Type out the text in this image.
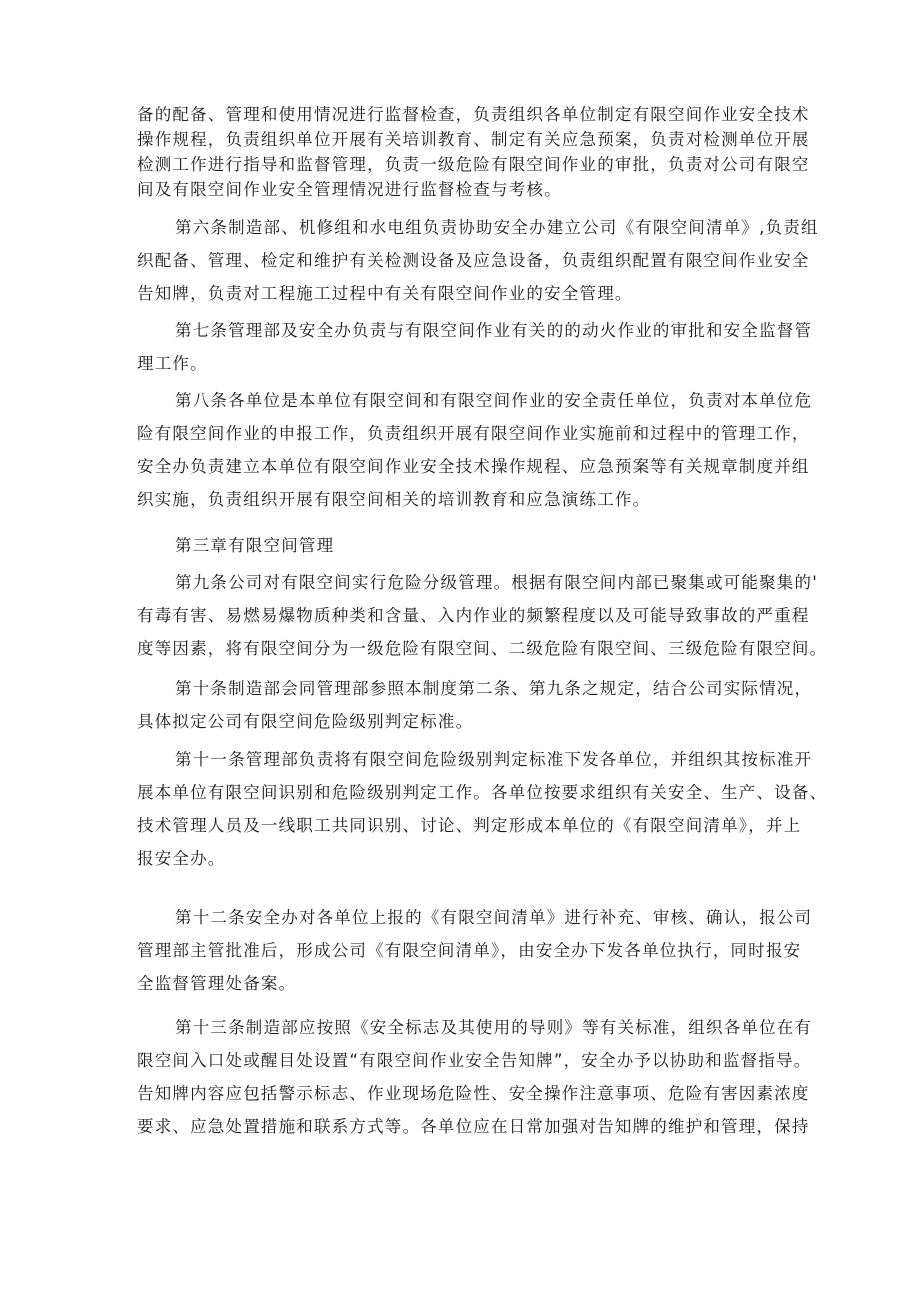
备的配备、管理和使用情况进行监督检查，负责组织各单位制定有限空间作业安全技术
操作规程，负责组织单位开展有关培训教育、制定有关应急预案，负责对检测单位开展
检测工作进行指导和监督管理，负责一级危险有限空间作业的审批，负责对公司有限空
间及有限空间作业安全管理情况进行监督检查与考核。
第六条制造部、机修组和水电组负责协助安全办建立公司《有限空间清单》,负责组
织配备、管理、检定和维护有关检测设备及应急设备，负责组织配置有限空间作业安全
告知牌，负责对工程施工过程中有关有限空间作业的安全管理。
第七条管理部及安全办负责与有限空间作业有关的的动火作业的审批和安全监督管
理工作。
第八条各单位是本单位有限空间和有限空间作业的安全责任单位，负责对本单位危
险有限空间作业的申报工作，负责组织开展有限空间作业实施前和过程中的管理工作，
安全办负责建立本单位有限空间作业安全技术操作规程、应急预案等有关规章制度并组
织实施，负责组织开展有限空间相关的培训教育和应急演练工作。
第三章有限空间管理
第九条公司对有限空间实行危险分级管理。根据有限空间内部已聚集或可能聚集的'
有毒有害、易燃易爆物质种类和含量、入内作业的频繁程度以及可能导致事故的严重程
度等因素，将有限空间分为一级危险有限空间、二级危险有限空间、三级危险有限空间。
第十条制造部会同管理部参照本制度第二条、第九条之规定，结合公司实际情况，
具体拟定公司有限空间危险级别判定标准。
第十一条管理部负责将有限空间危险级别判定标准下发各单位，并组织其按标准开
展本单位有限空间识别和危险级别判定工作。各单位按要求组织有关安全、生产、设备、
技术管理人员及一线职工共同识别、讨论、判定形成本单位的《有限空间清单》，并上
报安全办。
第十二条安全办对各单位上报的《有限空间清单》进行补充、审核、确认，报公司
管理部主管批准后，形成公司《有限空间清单》，由安全办下发各单位执行，同时报安
全监督管理处备案。
第十三条制造部应按照《安全标志及其使用的导则》等有关标准，组织各单位在有
限空间入口处或醒目处设置“有限空间作业安全告知牌”，安全办予以协助和监督指导。
告知牌内容应包括警示标志、作业现场危险性、安全操作注意事项、危险有害因素浓度
要求、应急处置措施和联系方式等。各单位应在日常加强对告知牌的维护和管理，保持
